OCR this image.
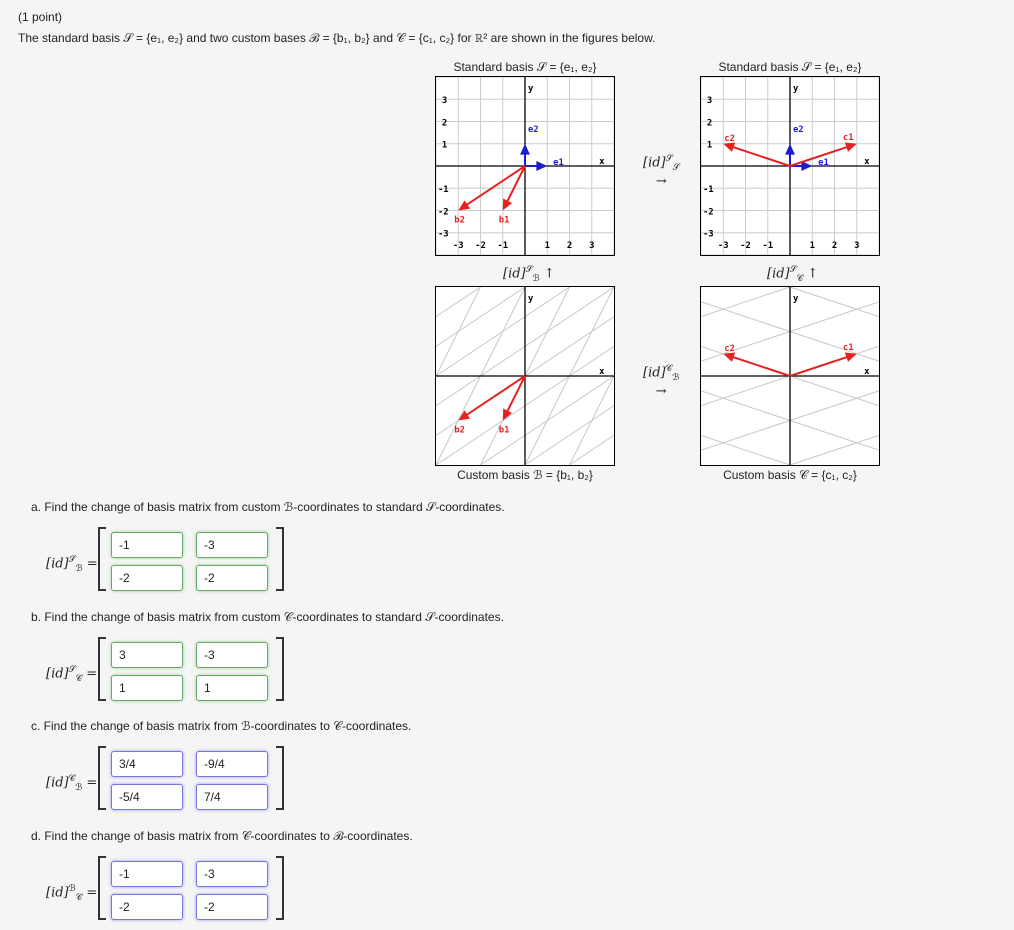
(1 point)
The standard basis 𝒮 = {e₁, e₂} and two custom bases ℬ = {b₁, b₂} and 𝒞 = {c₁, c₂} for ℝ² are shown in the figures below.
Standard basis 𝒮 = {e₁, e₂}	Standard basis 𝒮 = {e₁, e₂}
-3
-3
-2
-2
-1
-1
1
1
2
2
3
3
x
y
e1
e2
b1
b2
-3
-3
-2
-2
-1
-1
1
1
2
2
3
3
x
y
e1
e2
c1
c2
x
y
b1
b2
x
y
c1
c2
Custom basis ℬ = {b₁, b₂}	Custom basis 𝒞 = {c₁, c₂}
[id]$^𝒮_𝒮$
→
[id]$^𝒞_ℬ$
→
[id]$^𝒮_ℬ$ ↑	[id]$^𝒮_𝒞$ ↑
a. Find the change of basis matrix from custom ℬ-coordinates to standard 𝒮-coordinates.
[id]$^𝒮_ℬ$ =
-1	-3
-2	-2
b. Find the change of basis matrix from custom 𝒞-coordinates to standard 𝒮-coordinates.
[id]$^𝒮_𝒞$ =
3	-3
1	1
c. Find the change of basis matrix from ℬ-coordinates to 𝒞-coordinates.
[id]$^𝒞_ℬ$ =
3/4	-9/4
-5/4	7/4
d. Find the change of basis matrix from 𝒞-coordinates to ℬ-coordinates.
[id]$^ℬ_𝒞$ =
-1	-3
-2	-2
